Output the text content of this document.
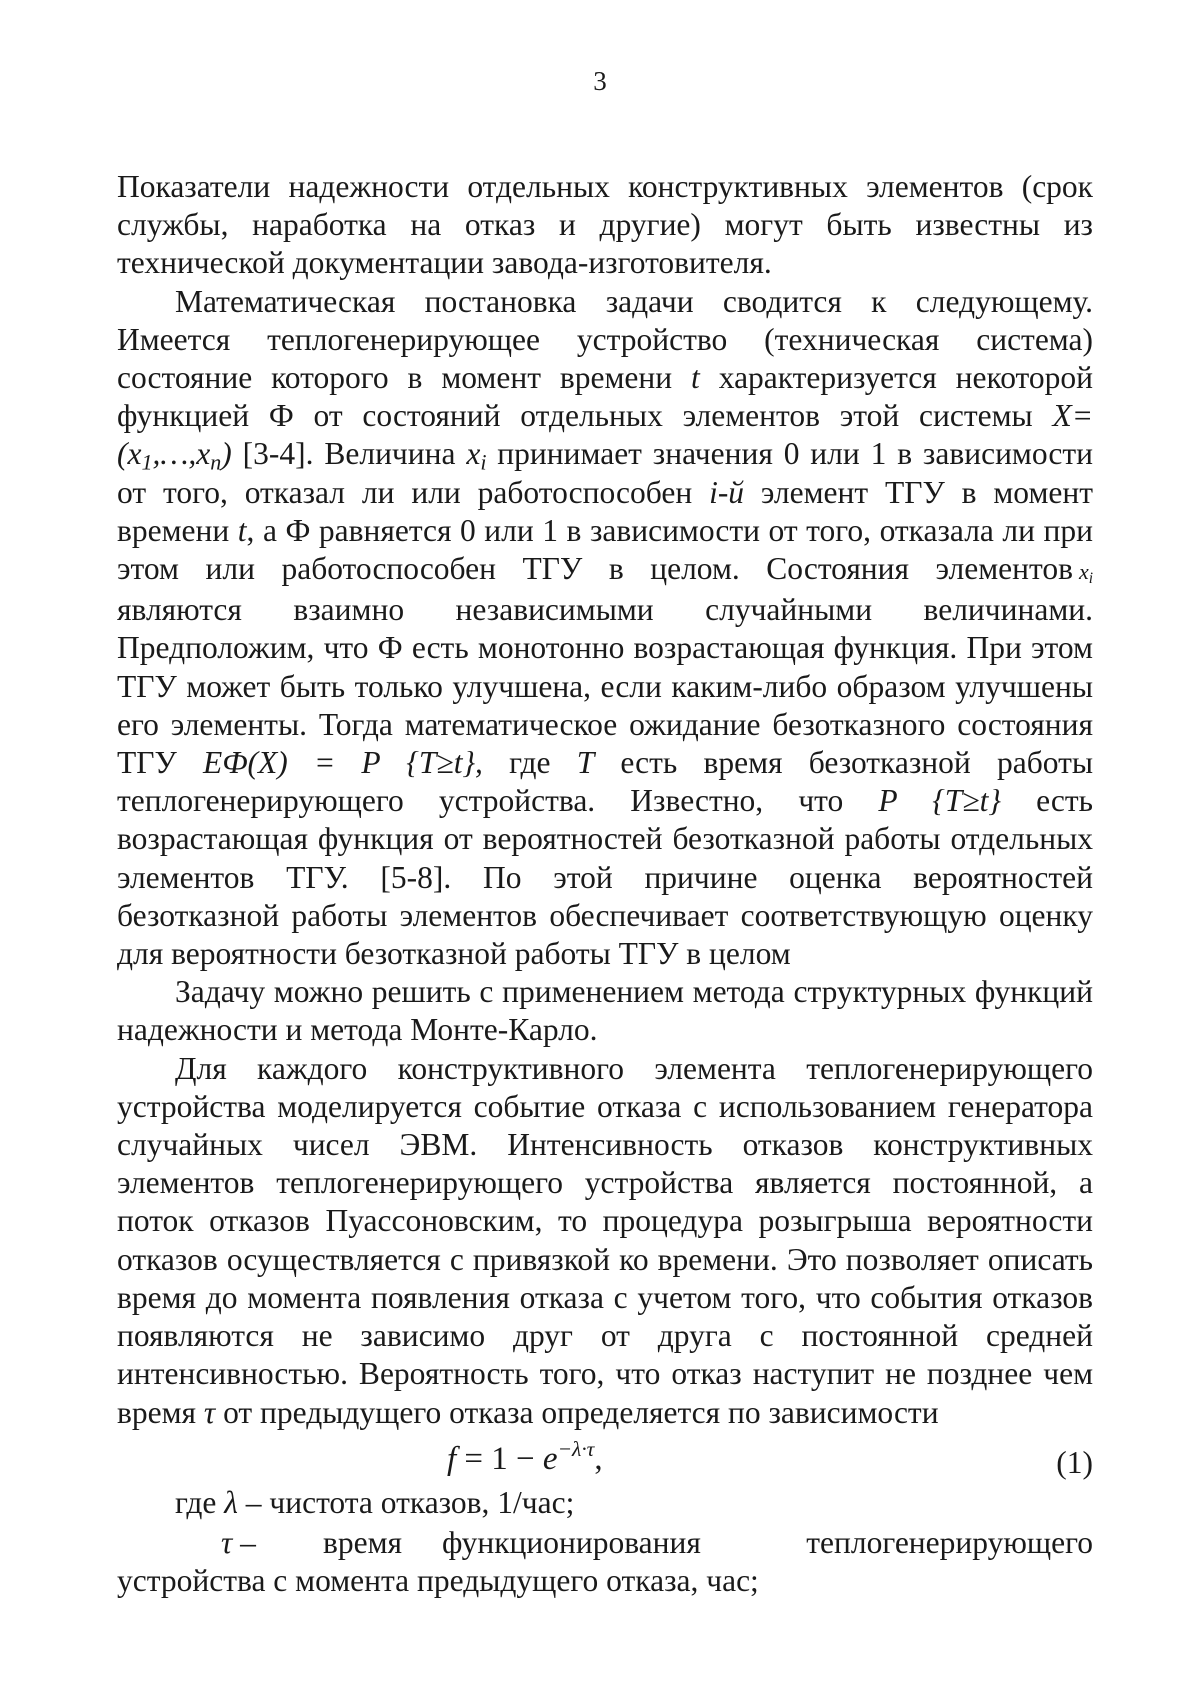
3

Показатели надежности отдельных конструктивных элементов (срок службы, наработка на отказ и другие) могут быть известны из технической документации завода-изготовителя.

Математическая постановка задачи сводится к следующему. Имеется теплогенерирующее устройство (техническая система) состояние которого в момент времени t характеризуется некоторой функцией Ф от состояний отдельных элементов этой системы $X=(x_1,\dots,x_n)$ [3-4]. Величина $x_i$ принимает значения 0 или 1 в зависимости от того, отказал ли или работоспособен i-й элемент ТГУ в момент времени t, а Ф равняется 0 или 1 в зависимости от того, отказала ли при этом или работоспособен ТГУ в целом. Состояния элементов $x_i$ являются взаимно независимыми случайными величинами. Предположим, что Ф есть монотонно возрастающая функция. При этом ТГУ может быть только улучшена, если каким-либо образом улучшены его элементы. Тогда математическое ожидание безотказного состояния ТГУ EФ(X) = P {T≥t}, где T есть время безотказной работы теплогенерирующего устройства. Известно, что P {T≥t} есть возрастающая функция от вероятностей безотказной работы отдельных элементов ТГУ. [5-8]. По этой причине оценка вероятностей безотказной работы элементов обеспечивает соответствующую оценку для вероятности безотказной работы ТГУ в целом

Задачу можно решить с применением метода структурных функций надежности и метода Монте-Карло.

Для каждого конструктивного элемента теплогенерирующего устройства моделируется событие отказа с использованием генератора случайных чисел ЭВМ. Интенсивность отказов конструктивных элементов теплогенерирующего устройства является постоянной, а поток отказов Пуассоновским, то процедура розыгрыша вероятности отказов осуществляется с привязкой ко времени. Это позволяет описать время до момента появления отказа с учетом того, что события отказов появляются не зависимо друг от друга с постоянной средней интенсивностью. Вероятность того, что отказ наступит не позднее чем время τ от предыдущего отказа определяется по зависимости

$f = 1 - e^{-\lambda\cdot\tau}$,	(1)
где λ – чистота отказов, 1/час;
τ – время функционирования	теплогенерирующего

устройства с момента предыдущего отказа, час;
